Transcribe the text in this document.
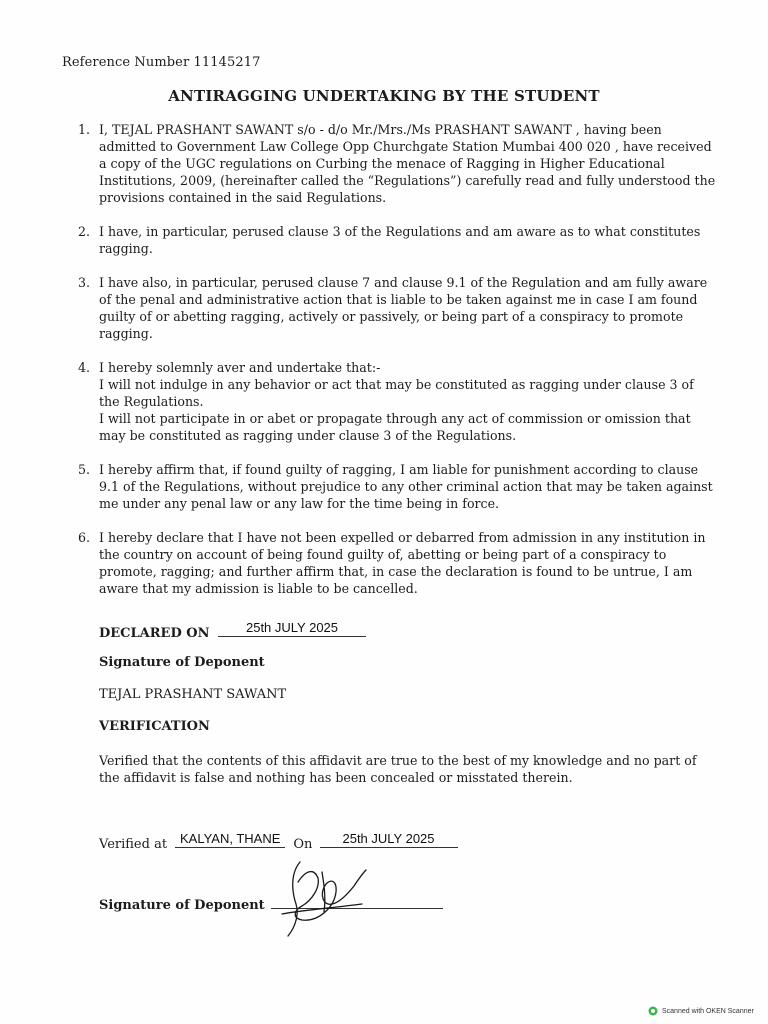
Reference Number 11145217
ANTIRAGGING UNDERTAKING BY THE STUDENT
1. I, TEJAL PRASHANT SAWANT s/o - d/o Mr./Mrs./Ms PRASHANT SAWANT , having been admitted to Government Law College Opp Churchgate Station Mumbai 400 020 , have received a copy of the UGC regulations on Curbing the menace of Ragging in Higher Educational Institutions, 2009, (hereinafter called the “Regulations”) carefully read and fully understood the provisions contained in the said Regulations.
2. I have, in particular, perused clause 3 of the Regulations and am aware as to what constitutes ragging.
3. I have also, in particular, perused clause 7 and clause 9.1 of the Regulation and am fully aware of the penal and administrative action that is liable to be taken against me in case I am found guilty of or abetting ragging, actively or passively, or being part of a conspiracy to promote ragging.
4. I hereby solemnly aver and undertake that:-
I will not indulge in any behavior or act that may be constituted as ragging under clause 3 of the Regulations.
I will not participate in or abet or propagate through any act of commission or omission that may be constituted as ragging under clause 3 of the Regulations.
5. I hereby affirm that, if found guilty of ragging, I am liable for punishment according to clause 9.1 of the Regulations, without prejudice to any other criminal action that may be taken against me under any penal law or any law for the time being in force.
6. I hereby declare that I have not been expelled or debarred from admission in any institution in the country on account of being found guilty of, abetting or being part of a conspiracy to promote, ragging; and further affirm that, in case the declaration is found to be untrue, I am aware that my admission is liable to be cancelled.
DECLARED ON	25th JULY 2025
Signature of Deponent
TEJAL PRASHANT SAWANT
VERIFICATION
Verified that the contents of this affidavit are true to the best of my knowledge and no part of the affidavit is false and nothing has been concealed or misstated therein.
Verified at KALYAN, THANE On	25th JULY 2025
Signature of Deponent
Scanned with OKEN Scanner
